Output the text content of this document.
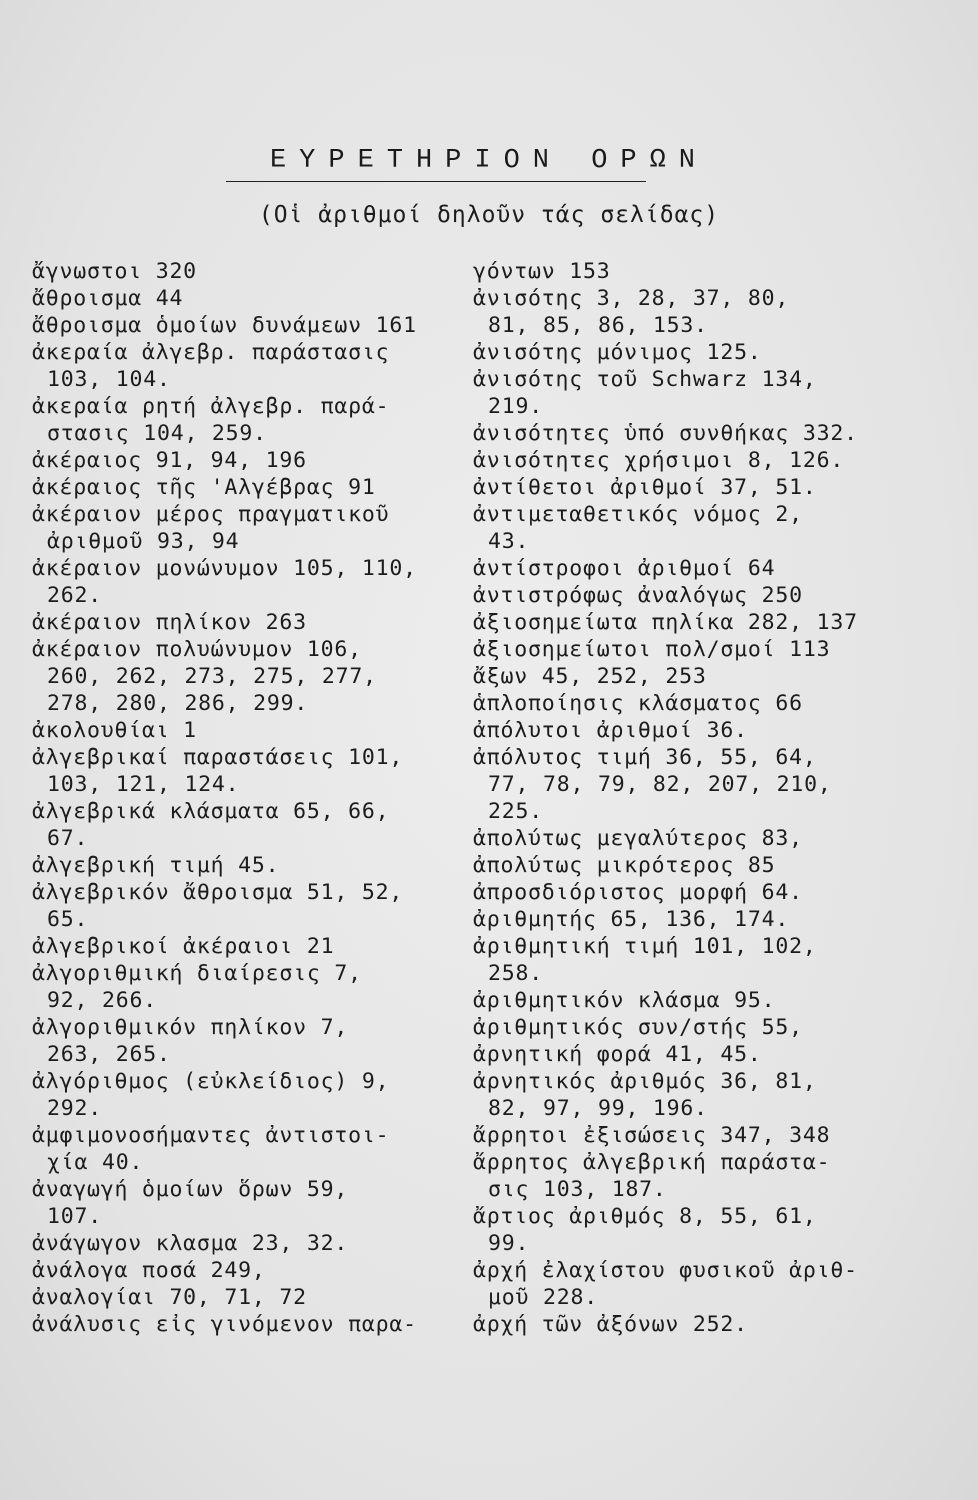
ΕΥΡΕΤΗΡΙΟΝ ΟΡΩΝ
(Οἱ ἀριθμοί δηλοῦν τάς σελίδας)
ἄγνωστοι 320
ἄθροισμα 44
ἄθροισμα ὁμοίων δυνάμεων 161
ἀκεραία ἀλγεβρ. παράστασις
103, 104.
ἀκεραία ρητή ἀλγεβρ. παρά-
στασις 104, 259.
ἀκέραιος 91, 94, 196
ἀκέραιος τῆς 'Αλγέβρας 91
ἀκέραιον μέρος πραγματικοῦ
ἀριθμοῦ 93, 94
ἀκέραιον μονώνυμον 105, 110,
262.
ἀκέραιον πηλίκον 263
ἀκέραιον πολυώνυμον 106,
260, 262, 273, 275, 277,
278, 280, 286, 299.
ἀκολουθίαι 1
ἀλγεβρικαί παραστάσεις 101,
103, 121, 124.
ἀλγεβρικά κλάσματα 65, 66,
67.
ἀλγεβρική τιμή 45.
ἀλγεβρικόν ἄθροισμα 51, 52,
65.
ἀλγεβρικοί ἀκέραιοι 21
ἀλγοριθμική διαίρεσις 7,
92, 266.
ἀλγοριθμικόν πηλίκον 7,
263, 265.
ἀλγόριθμος (εὐκλείδιος) 9,
292.
ἀμφιμονοσήμαντες ἀντιστοι-
χία 40.
ἀναγωγή ὁμοίων ὅρων 59,
107.
ἀνάγωγον κλασμα 23, 32.
ἀνάλογα ποσά 249,
ἀναλογίαι 70, 71, 72
ἀνάλυσις εἰς γινόμενον παρα-
γόντων 153
ἀνισότης 3, 28, 37, 80,
81, 85, 86, 153.
ἀνισότης μόνιμος 125.
ἀνισότης τοῦ Schwarz 134,
219.
ἀνισότητες ὑπό συνθήκας 332.
ἀνισότητες χρήσιμοι 8, 126.
ἀντίθετοι ἀριθμοί 37, 51.
ἀντιμεταθετικός νόμος 2,
43.
ἀντίστροφοι ἀριθμοί 64
ἀντιστρόφως ἀναλόγως 250
ἀξιοσημείωτα πηλίκα 282, 137
ἀξιοσημείωτοι πολ/σμοί 113
ἄξων 45, 252, 253
ἁπλοποίησις κλάσματος 66
ἀπόλυτοι ἀριθμοί 36.
ἀπόλυτος τιμή 36, 55, 64,
77, 78, 79, 82, 207, 210,
225.
ἀπολύτως μεγαλύτερος 83,
ἀπολύτως μικρότερος 85
ἀπροσδιόριστος μορφή 64.
ἀριθμητής 65, 136, 174.
ἀριθμητική τιμή 101, 102,
258.
ἀριθμητικόν κλάσμα 95.
ἀριθμητικός συν/στής 55,
ἀρνητική φορά 41, 45.
ἀρνητικός ἀριθμός 36, 81,
82, 97, 99, 196.
ἄρρητοι ἐξισώσεις 347, 348
ἄρρητος ἀλγεβρική παράστα-
σις 103, 187.
ἄρτιος ἀριθμός 8, 55, 61,
99.
ἀρχή ἐλαχίστου φυσικοῦ ἀριθ-
μοῦ 228.
ἀρχή τῶν ἀξόνων 252.
